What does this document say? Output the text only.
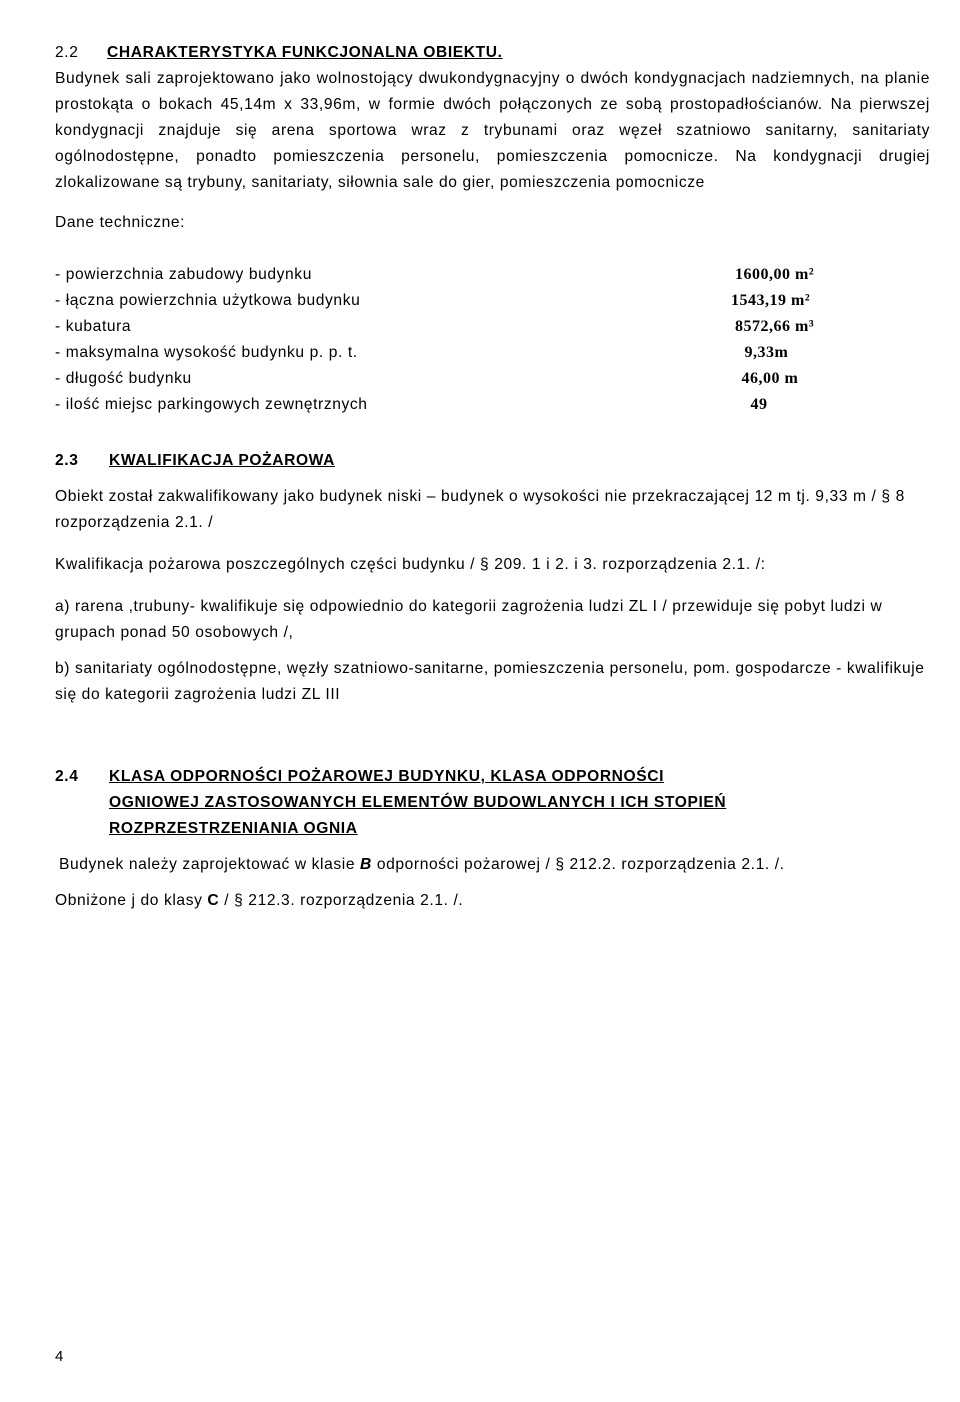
2.2 CHARAKTERYSTYKA FUNKCJONALNA OBIEKTU.

Budynek sali zaprojektowano jako wolnostojący dwukondygnacyjny o dwóch kondygnacjach nadziemnych, na planie prostokąta o bokach 45,14m x 33,96m, w formie dwóch połączonych ze sobą prostopadłościanów. Na pierwszej kondygnacji znajduje się arena sportowa wraz z trybunami oraz węzeł szatniowo sanitarny, sanitariaty ogólnodostępne, ponadto pomieszczenia personelu, pomieszczenia pomocnicze. Na kondygnacji drugiej zlokalizowane są trybuny, sanitariaty, siłownia sale do gier, pomieszczenia pomocnicze

Dane techniczne:

- powierzchnia zabudowy budynku	1600,00 m²
- łączna powierzchnia użytkowa budynku	1543,19 m²
- kubatura	8572,66 m³
- maksymalna wysokość budynku p. p. t.	9,33m
- długość budynku	46,00 m
- ilość miejsc parkingowych zewnętrznych	49
2.3 KWALIFIKACJA POŻAROWA

Obiekt został zakwalifikowany jako budynek niski – budynek o wysokości nie przekraczającej 12 m tj. 9,33 m / § 8 rozporządzenia 2.1. /

Kwalifikacja pożarowa poszczególnych części budynku / § 209. 1 i 2. i 3. rozporządzenia 2.1. /:

a) rarena ,trubuny- kwalifikuje się odpowiednio do kategorii zagrożenia ludzi ZL I / przewiduje się pobyt ludzi w grupach ponad 50 osobowych /,

b) sanitariaty ogólnodostępne, węzły szatniowo-sanitarne, pomieszczenia personelu, pom. gospodarcze - kwalifikuje się do kategorii zagrożenia ludzi ZL III

2.4 KLASA ODPORNOŚCI POŻAROWEJ BUDYNKU, KLASA ODPORNOŚCI
OGNIOWEJ ZASTOSOWANYCH ELEMENTÓW BUDOWLANYCH I ICH STOPIEŃ
ROZPRZESTRZENIANIA OGNIA

Budynek należy zaprojektować w klasie B odporności pożarowej / § 212.2. rozporządzenia 2.1. /.

Obniżone j do klasy C / § 212.3. rozporządzenia 2.1. /.

4
